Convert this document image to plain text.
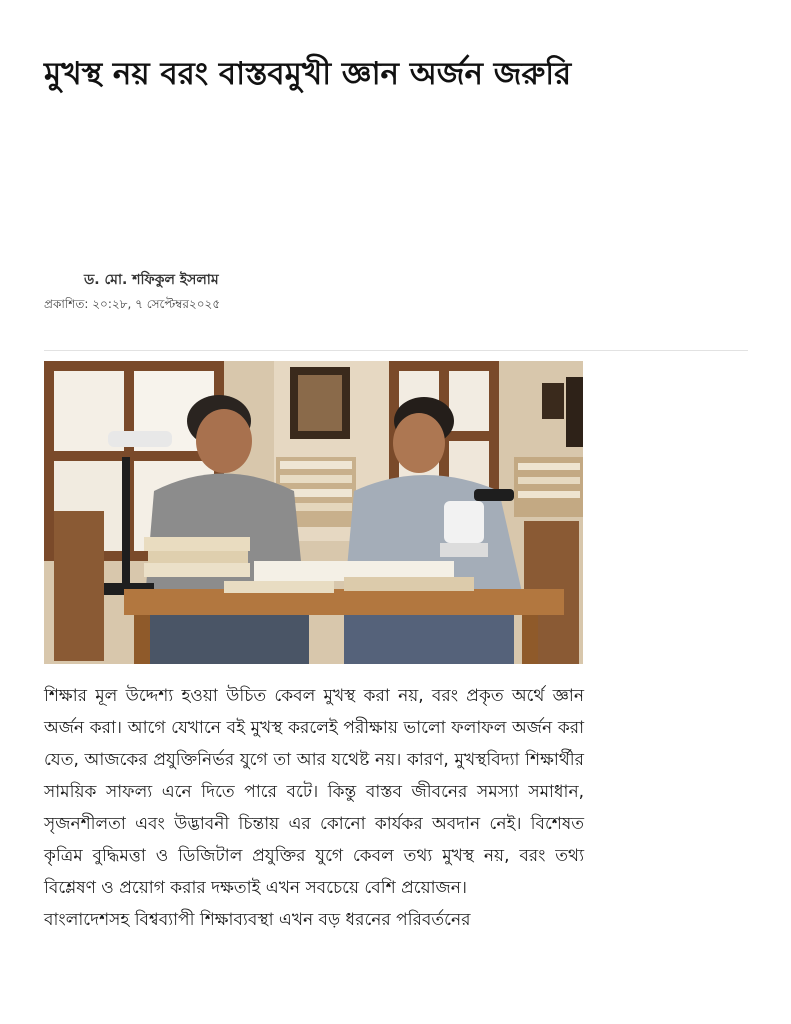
মুখস্থ নয় বরং বাস্তবমুখী জ্ঞান অর্জন জরুরি
ড. মো. শফিকুল ইসলাম
প্রকাশিত: ২০:২৮, ৭ সেপ্টেম্বর২০২৫

শিক্ষার মূল উদ্দেশ্য হওয়া উচিত কেবল মুখস্থ করা নয়, বরং প্রকৃত অর্থে জ্ঞান অর্জন করা। আগে যেখানে বই মুখস্থ করলেই পরীক্ষায় ভালো ফলাফল অর্জন করা যেত, আজকের প্রযুক্তিনির্ভর যুগে তা আর যথেষ্ট নয়। কারণ, মুখস্থবিদ্যা শিক্ষার্থীর সাময়িক সাফল্য এনে দিতে পারে বটে। কিন্তু বাস্তব জীবনের সমস্যা সমাধান, সৃজনশীলতা এবং উদ্ভাবনী চিন্তায় এর কোনো কার্যকর অবদান নেই। বিশেষত কৃত্রিম বুদ্ধিমত্তা ও ডিজিটাল প্রযুক্তির যুগে কেবল তথ্য মুখস্থ নয়, বরং তথ্য বিশ্লেষণ ও প্রয়োগ করার দক্ষতাই এখন সবচেয়ে বেশি প্রয়োজন।

বাংলাদেশসহ বিশ্বব্যাপী শিক্ষাব্যবস্থা এখন বড় ধরনের পরিবর্তনের
